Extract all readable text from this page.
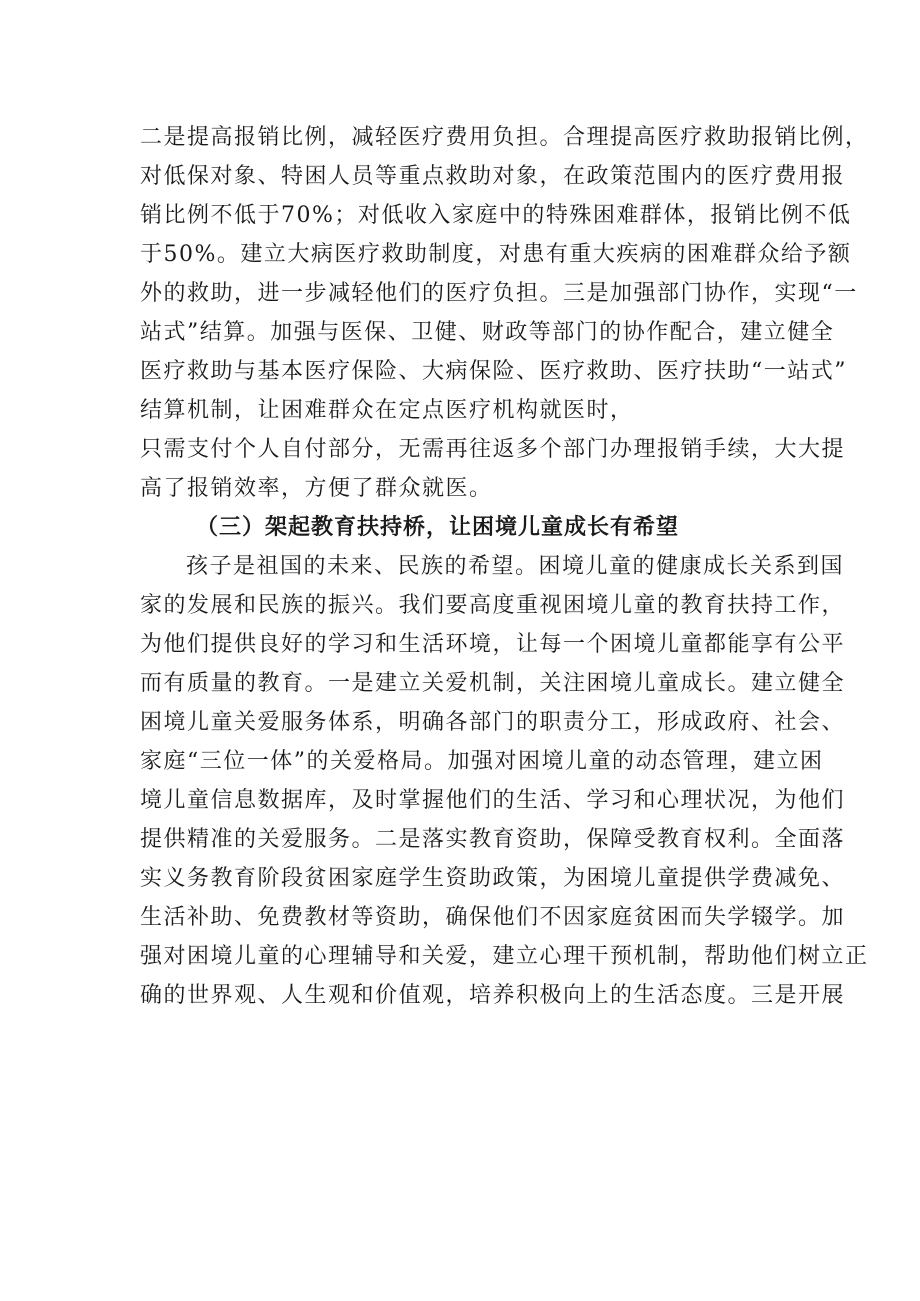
二是提高报销比例，减轻医疗费用负担。合理提高医疗救助报销比例，
对低保对象、特困人员等重点救助对象，在政策范围内的医疗费用报
销比例不低于70%；对低收入家庭中的特殊困难群体，报销比例不低
于50%。建立大病医疗救助制度，对患有重大疾病的困难群众给予额
外的救助，进一步减轻他们的医疗负担。三是加强部门协作，实现“一
站式”结算。加强与医保、卫健、财政等部门的协作配合，建立健全
医疗救助与基本医疗保险、大病保险、医疗救助、医疗扶助“一站式”
结算机制，让困难群众在定点医疗机构就医时，
只需支付个人自付部分，无需再往返多个部门办理报销手续，大大提
高了报销效率，方便了群众就医。
（三）架起教育扶持桥，让困境儿童成长有希望
孩子是祖国的未来、民族的希望。困境儿童的健康成长关系到国
家的发展和民族的振兴。我们要高度重视困境儿童的教育扶持工作，
为他们提供良好的学习和生活环境，让每一个困境儿童都能享有公平
而有质量的教育。一是建立关爱机制，关注困境儿童成长。建立健全
困境儿童关爱服务体系，明确各部门的职责分工，形成政府、社会、
家庭“三位一体”的关爱格局。加强对困境儿童的动态管理，建立困
境儿童信息数据库，及时掌握他们的生活、学习和心理状况，为他们
提供精准的关爱服务。二是落实教育资助，保障受教育权利。全面落
实义务教育阶段贫困家庭学生资助政策，为困境儿童提供学费减免、
生活补助、免费教材等资助，确保他们不因家庭贫困而失学辍学。加
强对困境儿童的心理辅导和关爱，建立心理干预机制，帮助他们树立正
确的世界观、人生观和价值观，培养积极向上的生活态度。三是开展
